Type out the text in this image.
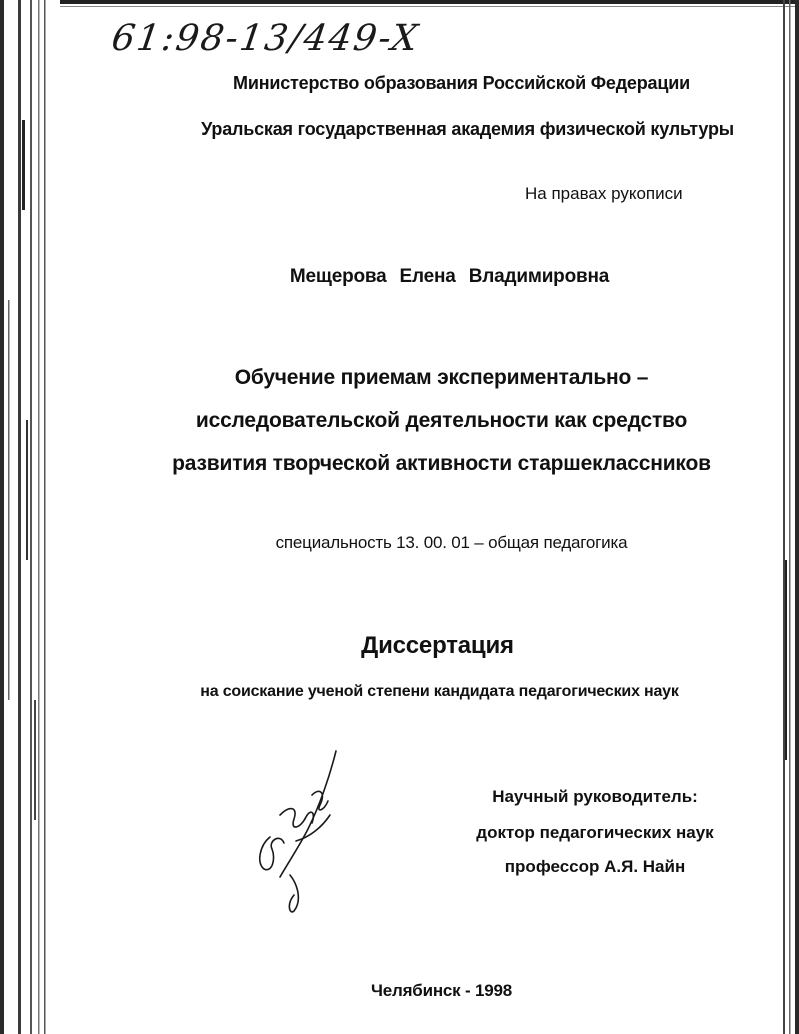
61:98-13/449-X
Министерство образования Российской Федерации
Уральская государственная академия физической культуры
На правах рукописи
Мещерова Елена Владимировна
Обучение приемам экспериментально –
исследовательской деятельности как средство
развития творческой активности старшеклассников
специальность 13. 00. 01 – общая педагогика
Диссертация
на соискание ученой степени кандидата педагогических наук
Научный руководитель:
доктор педагогических наук
профессор А.Я. Найн
Челябинск - 1998
